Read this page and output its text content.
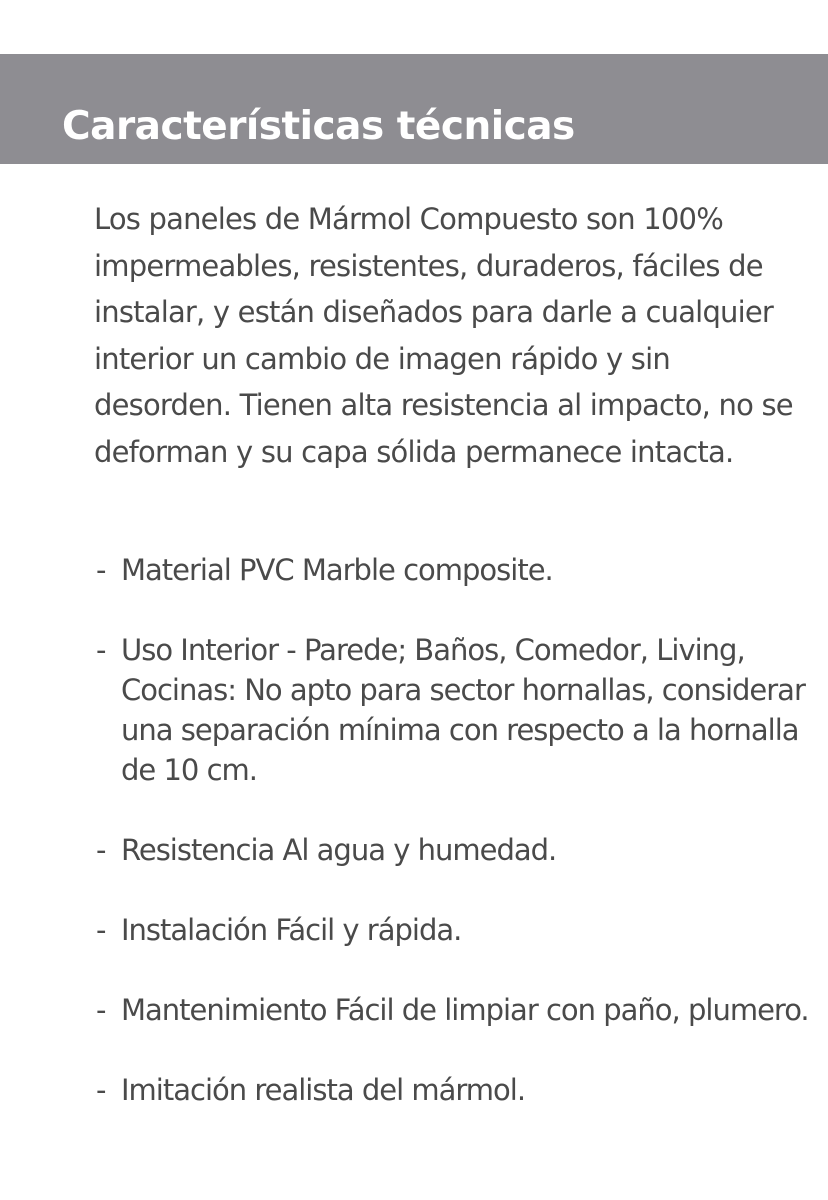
Características técnicas

Los paneles de Mármol Compuesto son 100% impermeables, resistentes, duraderos, fáciles de instalar, y están diseñados para darle a cualquier interior un cambio de imagen rápido y sin desorden. Tienen alta resistencia al impacto, no se deforman y su capa sólida permanece intacta.

- Material PVC Marble composite.
- Uso Interior - Parede; Baños, Comedor, Living, Cocinas: No apto para sector hornallas, considerar una separación mínima con respecto a la hornalla de 10 cm.
- Resistencia Al agua y humedad.
- Instalación Fácil y rápida.
- Mantenimiento Fácil de limpiar con paño, plumero.
- Imitación realista del mármol.
